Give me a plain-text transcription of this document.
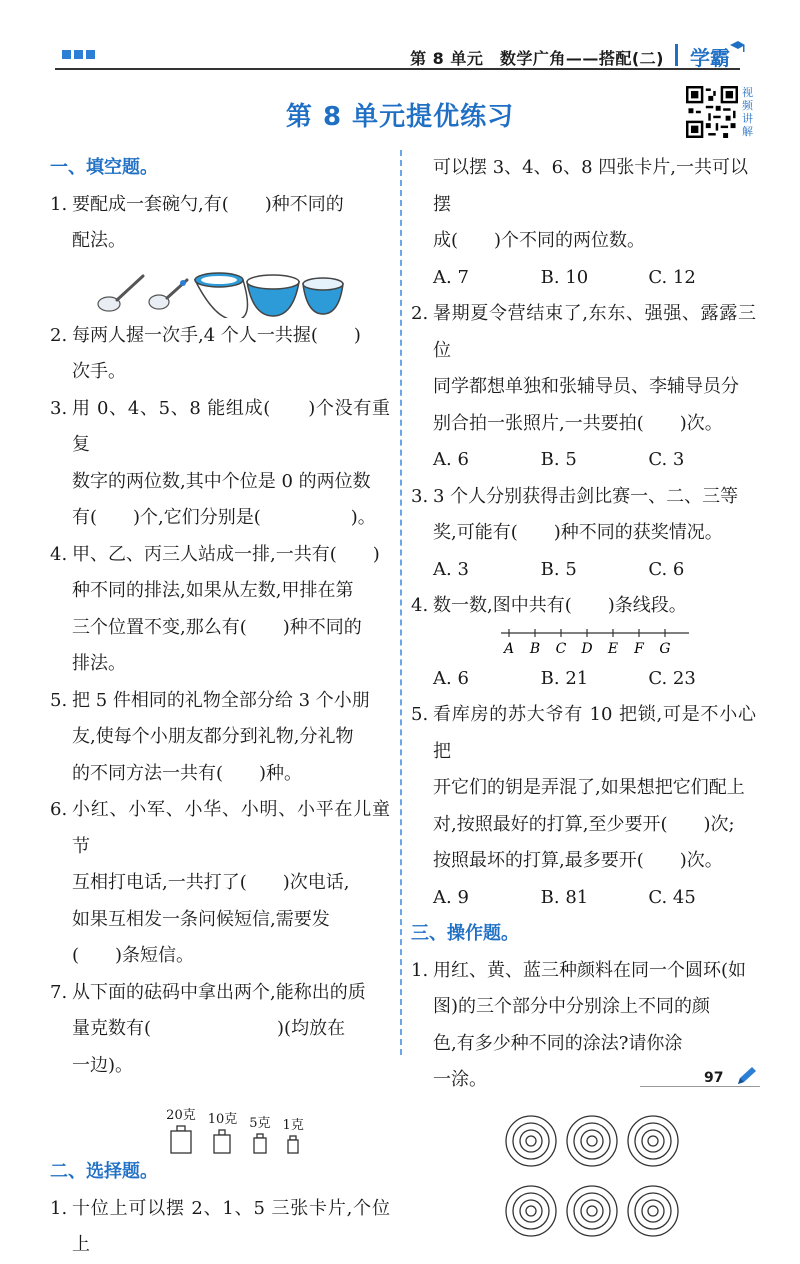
第 8 单元　数学广角——搭配(二) 学霸
第 8 单元提优练习
视频讲解
一、填空题。
1. 要配成一套碗勺,有(　　)种不同的
配法。
2. 每两人握一次手,4 个人一共握(　　)
次手。
3. 用 0、4、5、8 能组成(　　)个没有重复
数字的两位数,其中个位是 0 的两位数
有(　　)个,它们分别是(　　　　　)。
4. 甲、乙、丙三人站成一排,一共有(　　)
种不同的排法,如果从左数,甲排在第
三个位置不变,那么有(　　)种不同的
排法。
5. 把 5 件相同的礼物全部分给 3 个小朋
友,使每个小朋友都分到礼物,分礼物
的不同方法一共有(　　)种。
6. 小红、小军、小华、小明、小平在儿童节
互相打电话,一共打了(　　)次电话,
如果互相发一条问候短信,需要发
(　　)条短信。
7. 从下面的砝码中拿出两个,能称出的质
量克数有(　　　　　　　)(均放在
一边)。
20克 10克 5克 1克
二、选择题。
1. 十位上可以摆 2、1、5 三张卡片,个位上
可以摆 3、4、6、8 四张卡片,一共可以摆
成(　　)个不同的两位数。
A. 7	B. 10	C. 12
2. 暑期夏令营结束了,东东、强强、露露三位
同学都想单独和张辅导员、李辅导员分
别合拍一张照片,一共要拍(　　)次。
A. 6	B. 5	C. 3
3. 3 个人分别获得击剑比赛一、二、三等
奖,可能有(　　)种不同的获奖情况。
A. 3	B. 5	C. 6
4. 数一数,图中共有(　　)条线段。
A B C D E F G
A. 6	B. 21	C. 23
5. 看库房的苏大爷有 10 把锁,可是不小心把
开它们的钥是弄混了,如果想把它们配上
对,按照最好的打算,至少要开(　　)次;
按照最坏的打算,最多要开(　　)次。
A. 9	B. 81	C. 45
三、操作题。
1. 用红、黄、蓝三种颜料在同一个圆环(如
图)的三个部分中分别涂上不同的颜
色,有多少种不同的涂法?请你涂
一涂。	97
